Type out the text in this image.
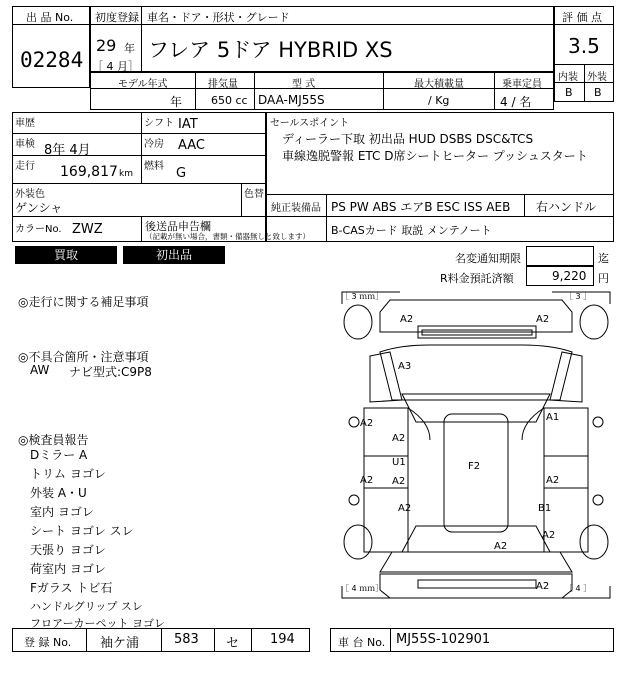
出 品 No.
02284
初度登録 車名・ドア・形状・グレード
29 年
［ 4 月］
フレア 5ドア HYBRID XS
評 価 点
3.5
内装 外装
B B
モデル年式	排気量	型 式	最大積載量	乗車定員
年	650 cc DAA-MJ55S	/ Kg	4 / 名
車歴	シフト IAT
車検 8年 4月	冷房 AAC
走行 169,817 km
燃料 G
外装色
ゲンシャ
色替
カラーNo. ZWZ	後送品申告欄
（記載が無い場合，書類・備器無しと致します）
セールスポイント
ディーラー下取 初出品 HUD DSBS DSC&TCS
車線逸脱警報 ETC D席シートヒーター プッシュスタート
純正装備品 PS PW ABS エアB ESC ISS AEB 右ハンドル
B-CASカード 取説 メンテノート
買取	初出品	名変通知期限	迄
R料金預託済額	9,220 円
◎走行に関する補足事項
◎不具合箇所・注意事項
AW ナビ型式:C9P8
◎検査員報告
Dミラー A
トリム ヨゴレ
外装 A・U
室内 ヨゴレ
シート ヨゴレ スレ
天張り ヨゴレ
荷室内 ヨゴレ
Fガラス トビ石
ハンドルグリップ スレ
フロアーカーペット ヨゴレ
［ 3 ｍｍ］	［ 3 ］
［ 4 ｍｍ］	［ 4 ］
A2	A2
A3
A2
A2
U1
A2 A2
A2
A1
A2
F2
B1
A2
A2
A2
登 録 No. 袖ケ浦	583 セ 194	車 台 No. MJ55S-102901
